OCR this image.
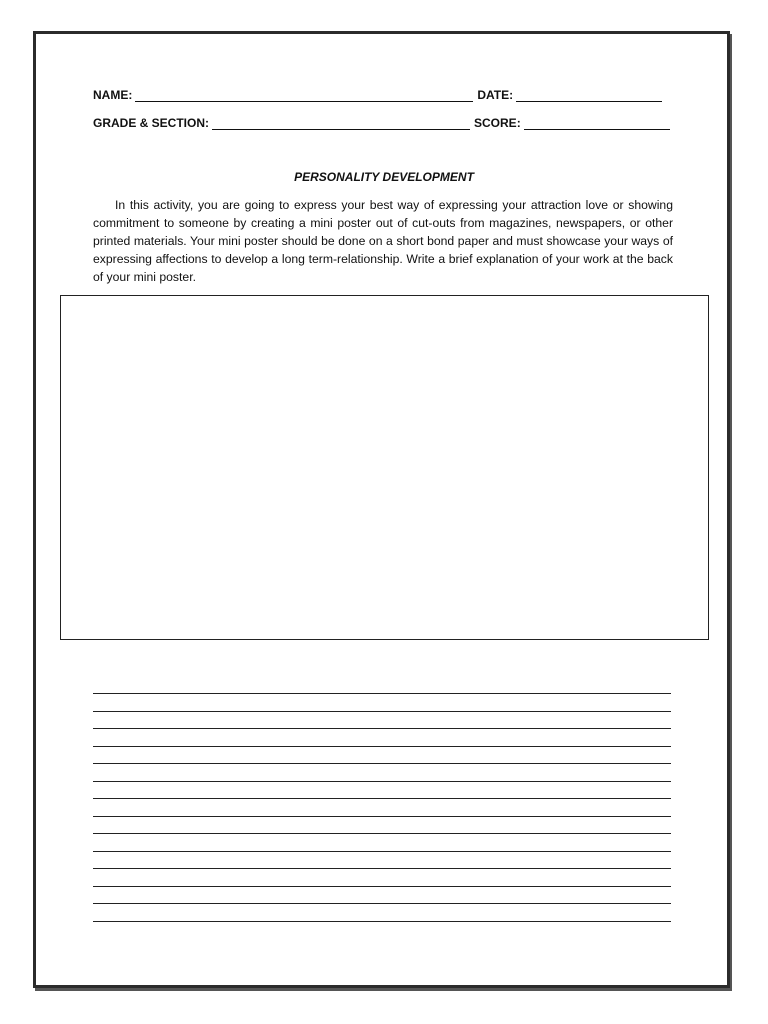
NAME:	DATE:
GRADE & SECTION:	SCORE:
PERSONALITY DEVELOPMENT

In this activity, you are going to express your best way of expressing your attraction love or showing commitment to someone by creating a mini poster out of cut-outs from magazines, newspapers, or other printed materials. Your mini poster should be done on a short bond paper and must showcase your ways of expressing affections to develop a long term-relationship. Write a brief explanation of your work at the back of your mini poster.
